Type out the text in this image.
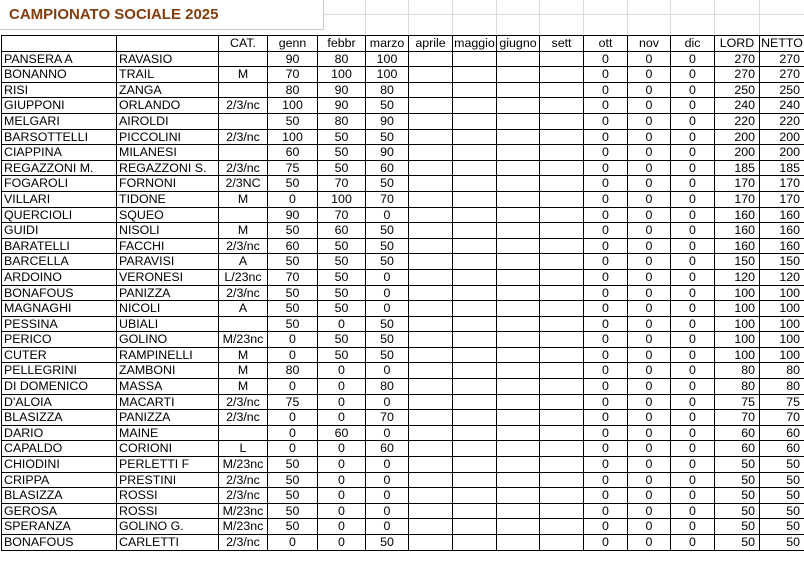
CAMPIONATO SOCIALE 2025
		CAT.	genn	febbr	marzo	aprile	maggio	giugno	sett	ott	nov	dic	LORD	NETTO
PANSERA A	RAVASIO		90	80	100					0	0	0	270	270
BONANNO	TRAIL	M	70	100	100					0	0	0	270	270
RISI	ZANGA		80	90	80					0	0	0	250	250
GIUPPONI	ORLANDO	2/3/nc	100	90	50					0	0	0	240	240
MELGARI	AIROLDI		50	80	90					0	0	0	220	220
BARSOTTELLI	PICCOLINI	2/3/nc	100	50	50					0	0	0	200	200
CIAPPINA	MILANESI		60	50	90					0	0	0	200	200
REGAZZONI M.	REGAZZONI S.	2/3/nc	75	50	60					0	0	0	185	185
FOGAROLI	FORNONI	2/3NC	50	70	50					0	0	0	170	170
VILLARI	TIDONE	M	0	100	70					0	0	0	170	170
QUERCIOLI	SQUEO		90	70	0					0	0	0	160	160
GUIDI	NISOLI	M	50	60	50					0	0	0	160	160
BARATELLI	FACCHI	2/3/nc	60	50	50					0	0	0	160	160
BARCELLA	PARAVISI	A	50	50	50					0	0	0	150	150
ARDOINO	VERONESI	L/23nc	70	50	0					0	0	0	120	120
BONAFOUS	PANIZZA	2/3/nc	50	50	0					0	0	0	100	100
MAGNAGHI	NICOLI	A	50	50	0					0	0	0	100	100
PESSINA	UBIALI		50	0	50					0	0	0	100	100
PERICO	GOLINO	M/23nc	0	50	50					0	0	0	100	100
CUTER	RAMPINELLI	M	0	50	50					0	0	0	100	100
PELLEGRINI	ZAMBONI	M	80	0	0					0	0	0	80	80
DI DOMENICO	MASSA	M	0	0	80					0	0	0	80	80
D'ALOIA	MACARTI	2/3/nc	75	0	0					0	0	0	75	75
BLASIZZA	PANIZZA	2/3/nc	0	0	70					0	0	0	70	70
DARIO	MAINE		0	60	0					0	0	0	60	60
CAPALDO	CORIONI	L	0	0	60					0	0	0	60	60
CHIODINI	PERLETTI F	M/23nc	50	0	0					0	0	0	50	50
CRIPPA	PRESTINI	2/3/nc	50	0	0					0	0	0	50	50
BLASIZZA	ROSSI	2/3/nc	50	0	0					0	0	0	50	50
GEROSA	ROSSI	M/23nc	50	0	0					0	0	0	50	50
SPERANZA	GOLINO G.	M/23nc	50	0	0					0	0	0	50	50
BONAFOUS	CARLETTI	2/3/nc	0	0	50					0	0	0	50	50
